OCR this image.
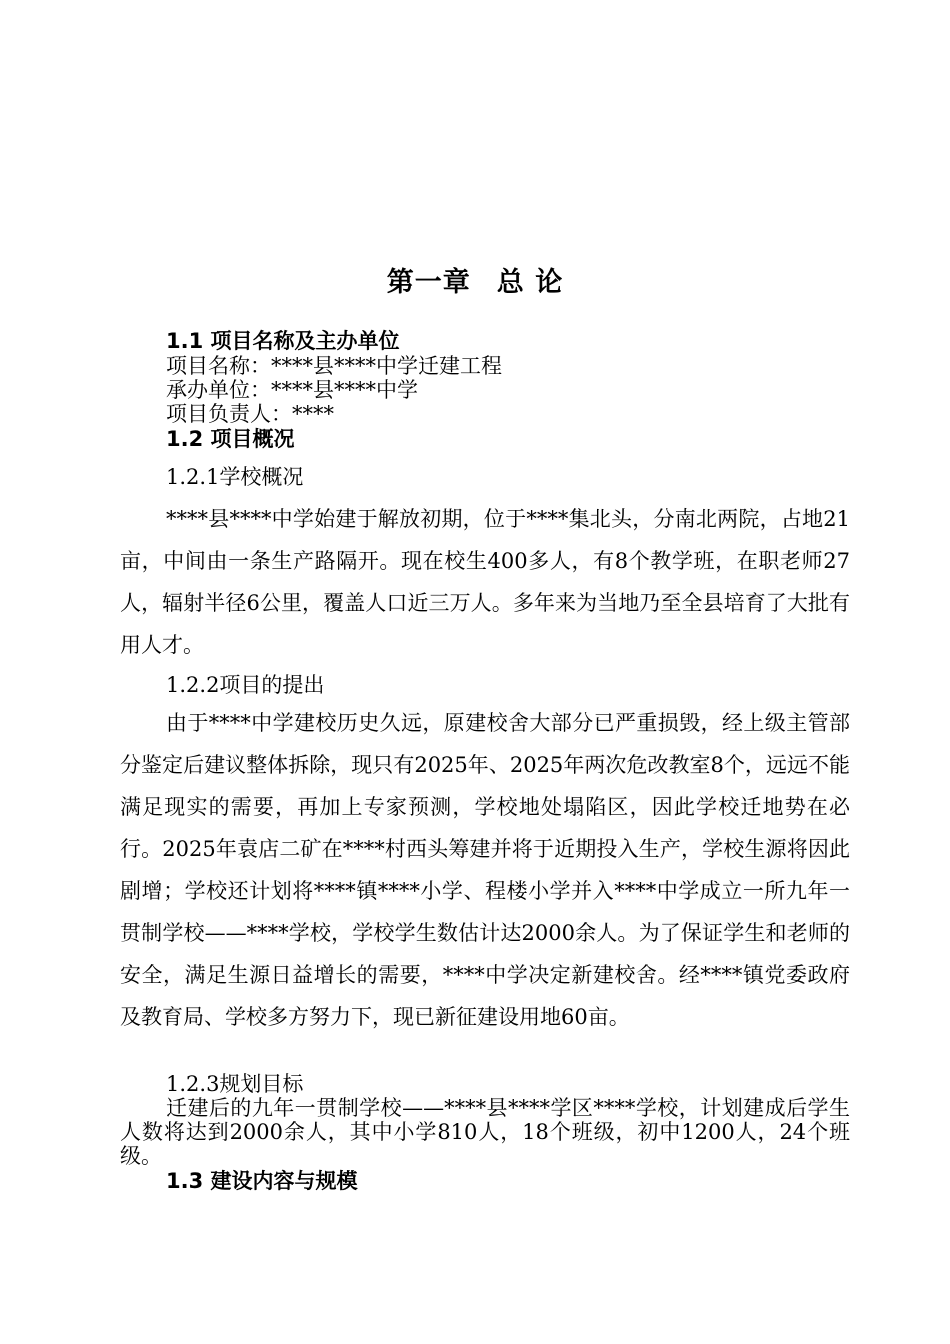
第一章 总 论
1.1 项目名称及主办单位
项目名称：****县****中学迁建工程
承办单位：****县****中学
项目负责人：****
1.2 项目概况
1.2.1学校概况
****县****中学始建于解放初期，位于****集北头，分南北两院，占地21亩，中间由一条生产路隔开。现在校生400多人，有8个教学班，在职老师27人，辐射半径6公里，覆盖人口近三万人。多年来为当地乃至全县培育了大批有用人才。
1.2.2项目的提出
由于****中学建校历史久远，原建校舍大部分已严重损毁，经上级主管部分鉴定后建议整体拆除，现只有2025年、2025年两次危改教室8个，远远不能满足现实的需要，再加上专家预测，学校地处塌陷区，因此学校迁地势在必行。2025年袁店二矿在****村西头筹建并将于近期投入生产，学校生源将因此剧增；学校还计划将****镇****小学、程楼小学并入****中学成立一所九年一贯制学校——****学校，学校学生数估计达2000余人。为了保证学生和老师的安全，满足生源日益增长的需要，****中学决定新建校舍。经****镇党委政府及教育局、学校多方努力下，现已新征建设用地60亩。
1.2.3规划目标
迁建后的九年一贯制学校——****县****学区****学校，计划建成后学生人数将达到2000余人，其中小学810人，18个班级，初中1200人，24个班级。
1.3 建设内容与规模
